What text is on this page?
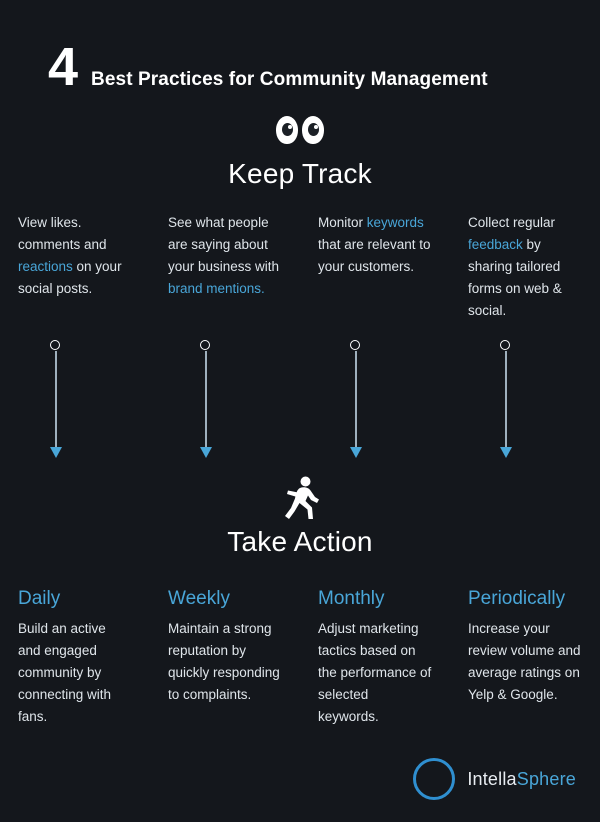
4 Best Practices for Community Management
Keep Track

View likes. comments and reactions on your social posts.

See what people are saying about your business with brand mentions.

Monitor keywords that are relevant to your customers.

Collect regular feedback by sharing tailored forms on web & social.

Take Action
Daily

Build an active and engaged community by connecting with fans.

Weekly

Maintain a strong reputation by quickly responding to complaints.

Monthly

Adjust marketing tactics based on the performance of selected keywords.

Periodically

Increase your review volume and average ratings on Yelp & Google.

IntellaSphere
